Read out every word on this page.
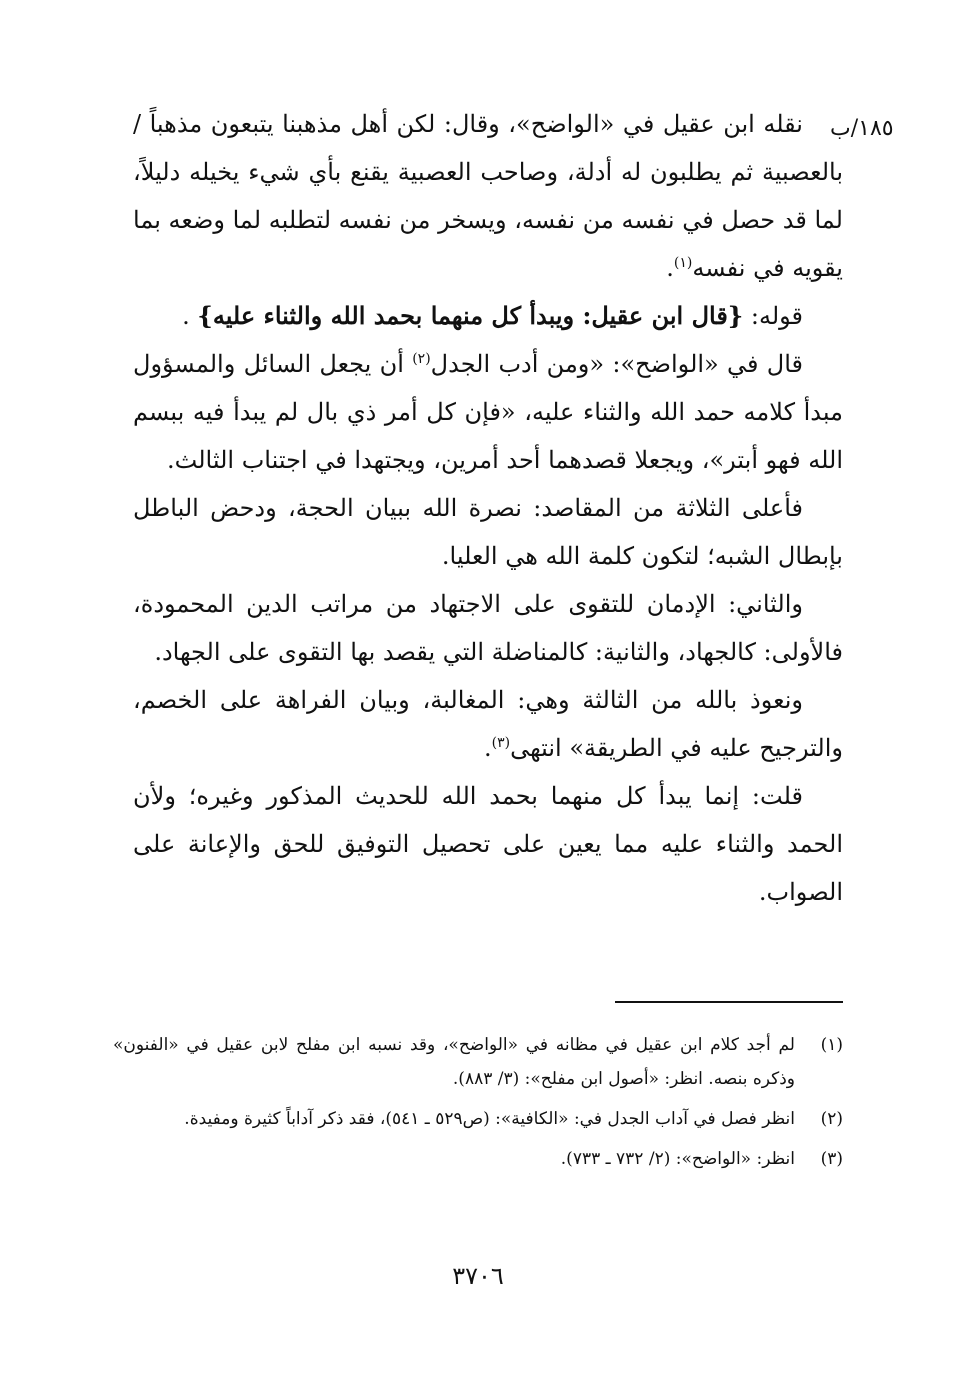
١٨٥/ب

نقله ابن عقيل في «الواضح»، وقال: لكن أهل مذهبنا يتبعون مذهباً / بالعصبية ثم يطلبون له أدلة، وصاحب العصبية يقنع بأي شيء يخيله دليلاً، لما قد حصل في نفسه من نفسه، ويسخر من نفسه لتطلبه لما وضعه بما يقويه في نفسه$^{(١)}$.

قوله: {قال ابن عقيل: ويبدأ كل منهما بحمد الله والثناء عليه} .

قال في «الواضح»: «ومن أدب الجدل$^{(٢)}$ أن يجعل السائل والمسؤول مبدأ كلامه حمد الله والثناء عليه، «فإن كل أمر ذي بال لم يبدأ فيه ببسم الله فهو أبتر»، ويجعلا قصدهما أحد أمرين، ويجتهدا في اجتناب الثالث.

فأعلى الثلاثة من المقاصد: نصرة الله ببيان الحجة، ودحض الباطل بإبطال الشبه؛ لتكون كلمة الله هي العليا.

والثاني: الإدمان للتقوى على الاجتهاد من مراتب الدين المحمودة، فالأولى: كالجهاد، والثانية: كالمناضلة التي يقصد بها التقوى على الجهاد.

ونعوذ بالله من الثالثة وهي: المغالبة، وبيان الفراهة على الخصم، والترجيح عليه في الطريقة» انتهى$^{(٣)}$.

قلت: إنما يبدأ كل منهما بحمد الله للحديث المذكور وغيره؛ ولأن الحمد والثناء عليه مما يعين على تحصيل التوفيق للحق والإعانة على الصواب.

(١)
لم أجد كلام ابن عقيل في مظانه في «الواضح»، وقد نسبه ابن مفلح لابن عقيل في «الفنون» وذكره بنصه. انظر: «أصول ابن مفلح»: (٣/ ٨٨٣).
(٢)
انظر فصل في آداب الجدل في: «الكافية»: (ص٥٢٩ ـ ٥٤١)، فقد ذكر آداباً كثيرة ومفيدة.
(٣)
انظر: «الواضح»: (٢/ ٧٣٢ ـ ٧٣٣).
٣٧٠٦
